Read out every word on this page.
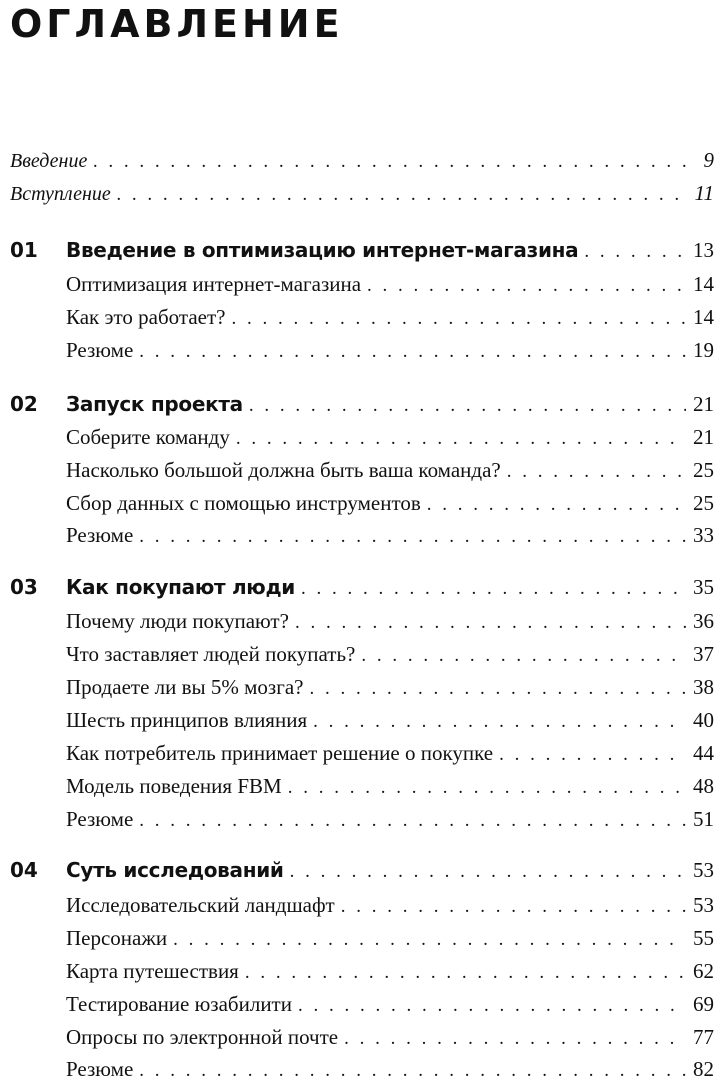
ОГЛАВЛЕНИЕ
Введение . . .	9
Вступление . . .	11
01	Введение в оптимизацию интернет-магазина . . .	13
Оптимизация интернет-магазина . . .	14
Как это работает? . . .	14
Резюме . . .	19
02	Запуск проекта . . .	21
Соберите команду . . .	21
Насколько большой должна быть ваша команда? . . .	25
Сбор данных с помощью инструментов . . .	25
Резюме . . .	33
03	Как покупают люди . . .	35
Почему люди покупают? . . .	36
Что заставляет людей покупать? . . .	37
Продаете ли вы 5% мозга? . . .	38
Шесть принципов влияния . . .	40
Как потребитель принимает решение о покупке . . .	44
Модель поведения FBM . . .	48
Резюме . . .	51
04	Суть исследований . . .	53
Исследовательский ландшафт . . .	53
Персонажи . . .	55
Карта путешествия . . .	62
Тестирование юзабилити . . .	69
Опросы по электронной почте . . .	77
Резюме . . .	82
